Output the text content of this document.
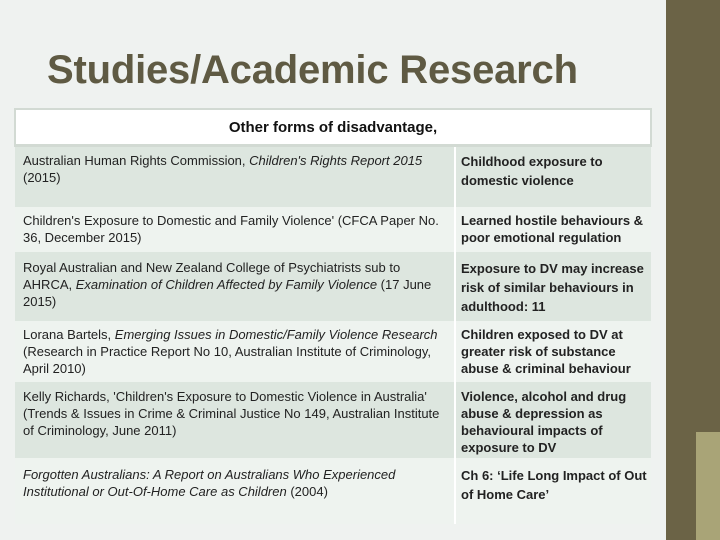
Studies/Academic Research
Other forms of disadvantage,	
Australian Human Rights Commission, Children's Rights Report 2015 (2015)	Childhood exposure to domestic violence
Children's Exposure to Domestic and Family Violence' (CFCA Paper No. 36, December 2015)	Learned hostile behaviours & poor emotional regulation
Royal Australian and New Zealand College of Psychiatrists sub to AHRCA, Examination of Children Affected by Family Violence (17 June 2015)	Exposure to DV may increase risk of similar behaviours in adulthood: 11
Lorana Bartels, Emerging Issues in Domestic/Family Violence Research (Research in Practice Report No 10, Australian Institute of Criminology, April 2010)	Children exposed to DV at greater risk of substance abuse & criminal behaviour
Kelly Richards, 'Children's Exposure to Domestic Violence in Australia' (Trends & Issues in Crime & Criminal Justice No 149, Australian Institute of Criminology, June 2011)	Violence, alcohol and drug abuse & depression as behavioural impacts of exposure to DV
Forgotten Australians: A Report on Australians Who Experienced Institutional or Out-Of-Home Care as Children (2004)	Ch 6: ‘Life Long Impact of Out of Home Care’
